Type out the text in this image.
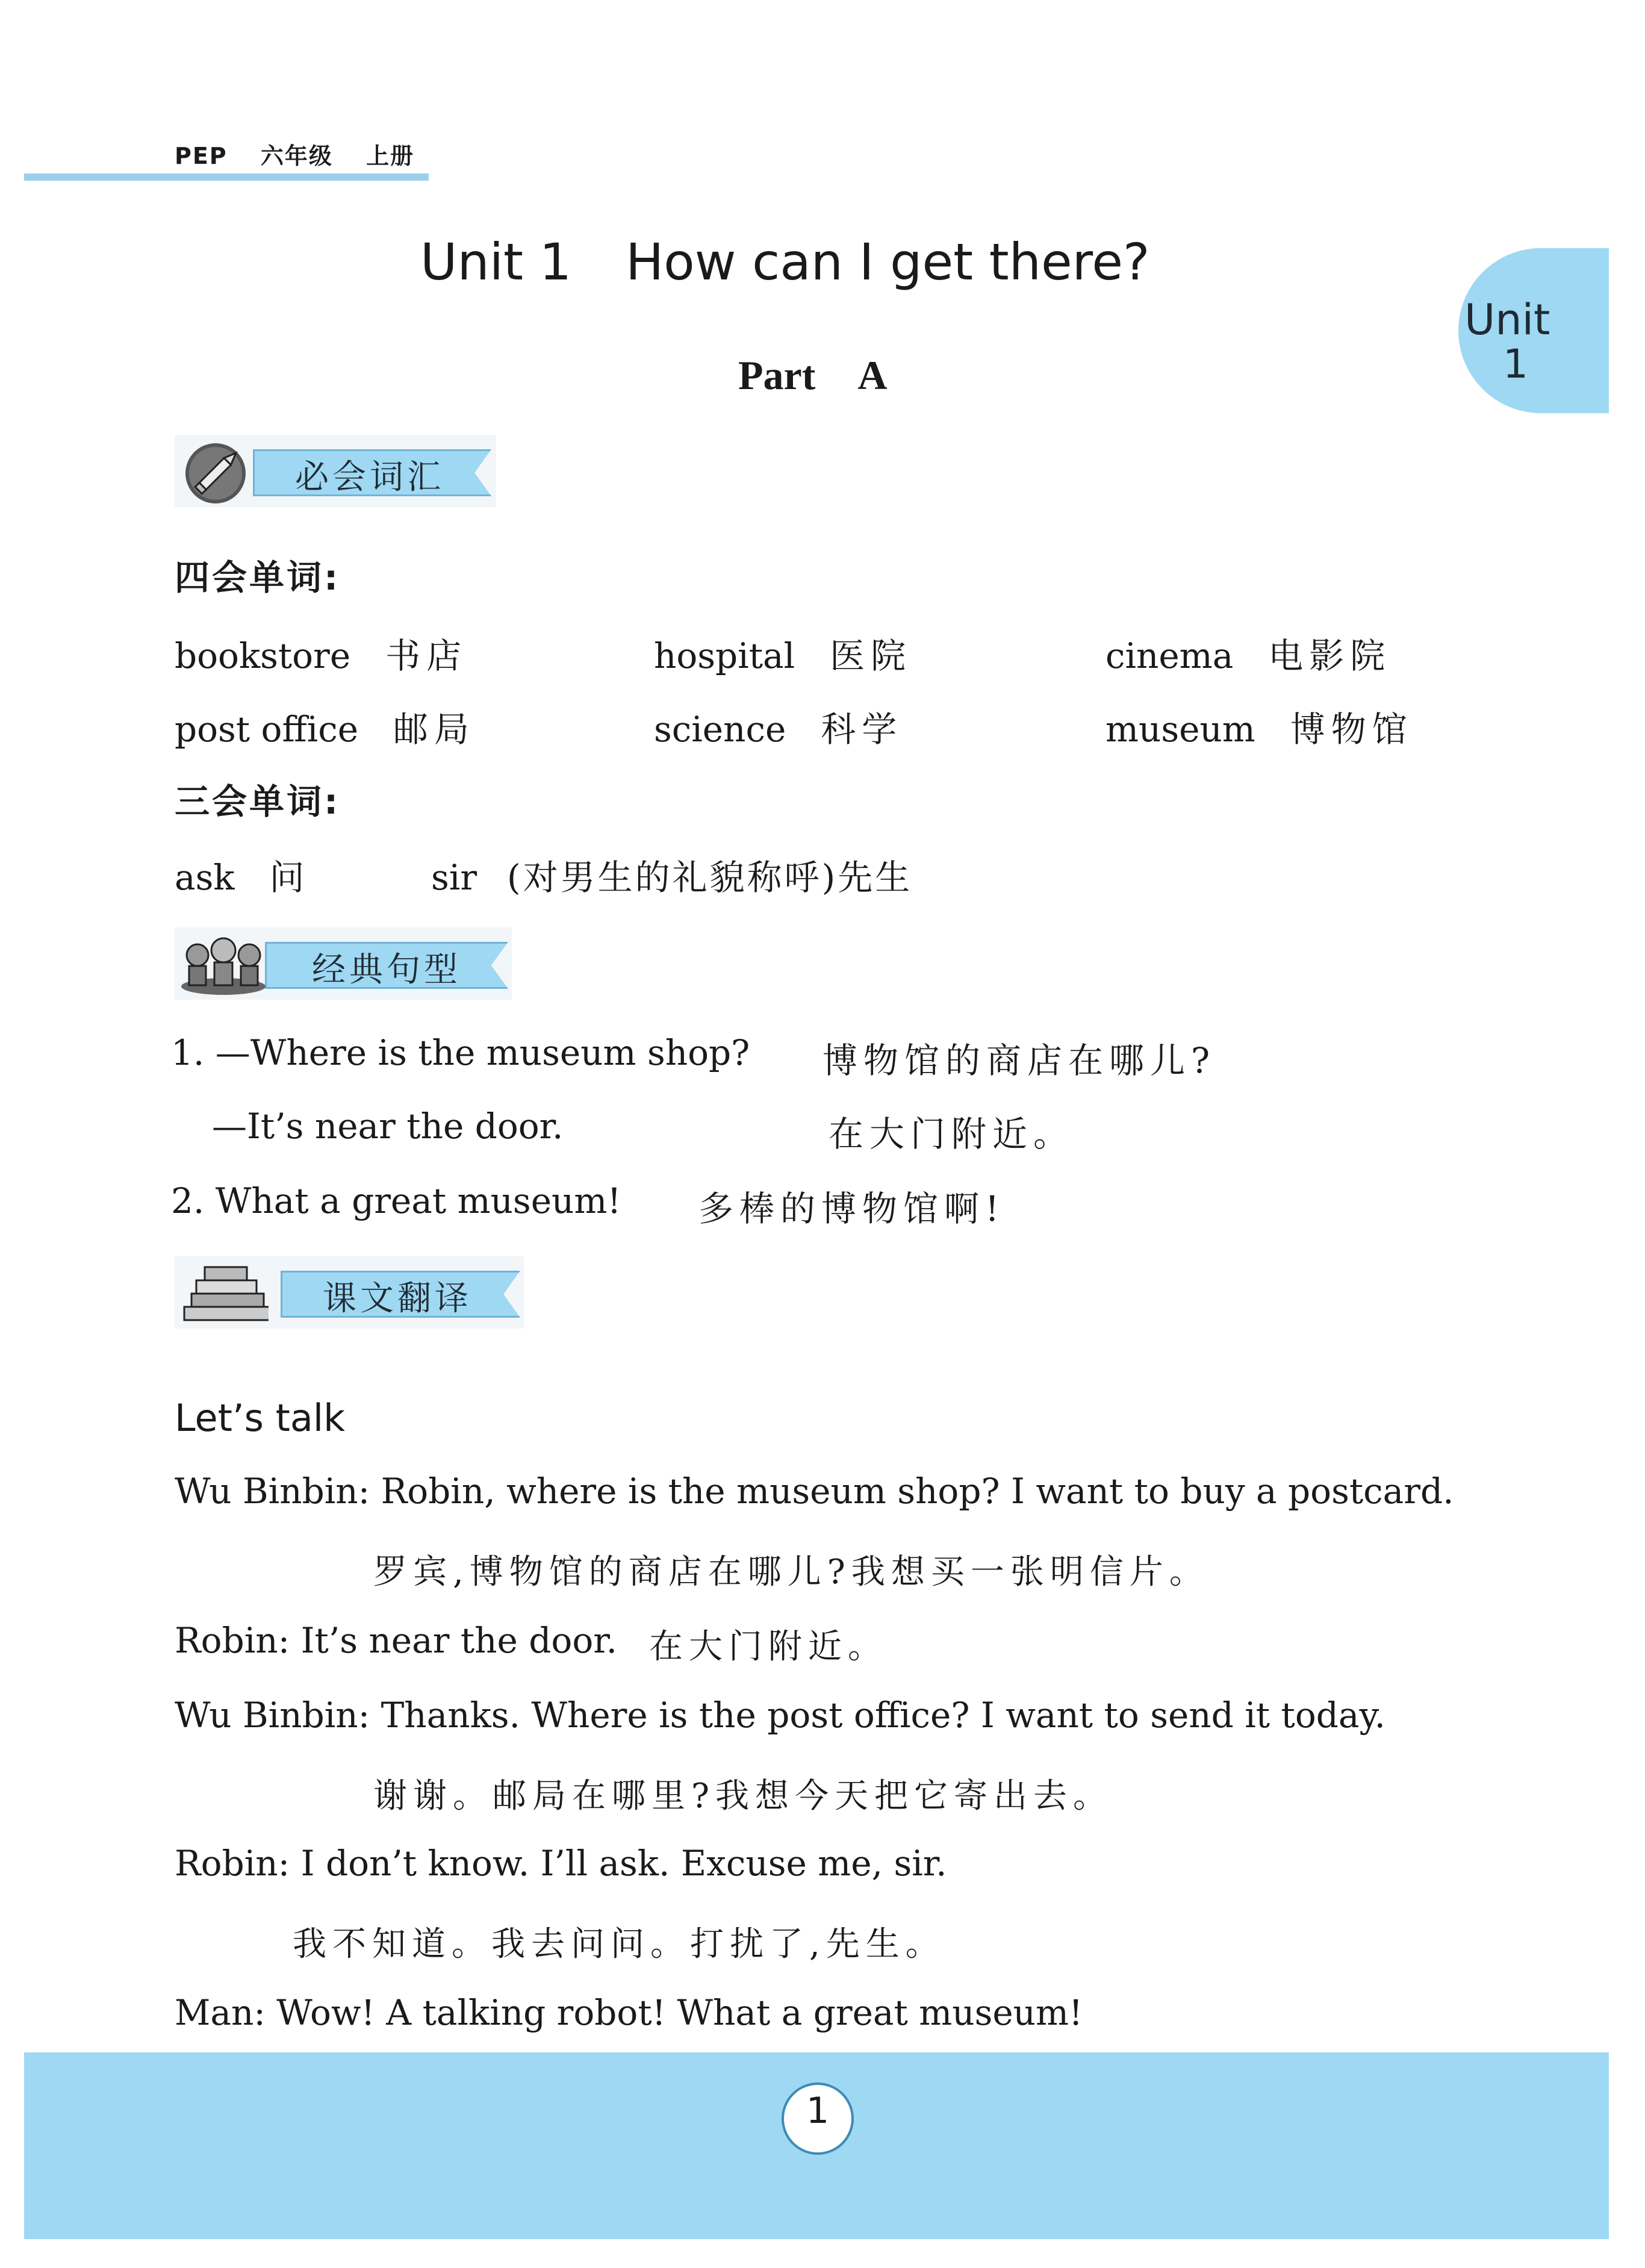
PEP 六年级 上册
Unit 1 How can I get there?
Part A
Unit
1
必会词汇
四会单词:
bookstore 书店	hospital 医院	cinema 电影院
post office 邮局	science 科学	museum 博物馆
三会单词:
ask 问	sir (对男生的礼貌称呼)先生
经典句型
1. —Where is the museum shop? 博物馆的商店在哪儿?
—It’s near the door.	在大门附近。
2. What a great museum! 多棒的博物馆啊!
课文翻译
Let’s talk
Wu Binbin: Robin, where is the museum shop? I want to buy a postcard.
罗宾,博物馆的商店在哪儿?我想买一张明信片。
Robin: It’s near the door. 在大门附近。
Wu Binbin: Thanks. Where is the post office? I want to send it today.
谢谢。邮局在哪里?我想今天把它寄出去。
Robin: I don’t know. I’ll ask. Excuse me, sir.
我不知道。我去问问。打扰了,先生。
Man: Wow! A talking robot! What a great museum!
1
